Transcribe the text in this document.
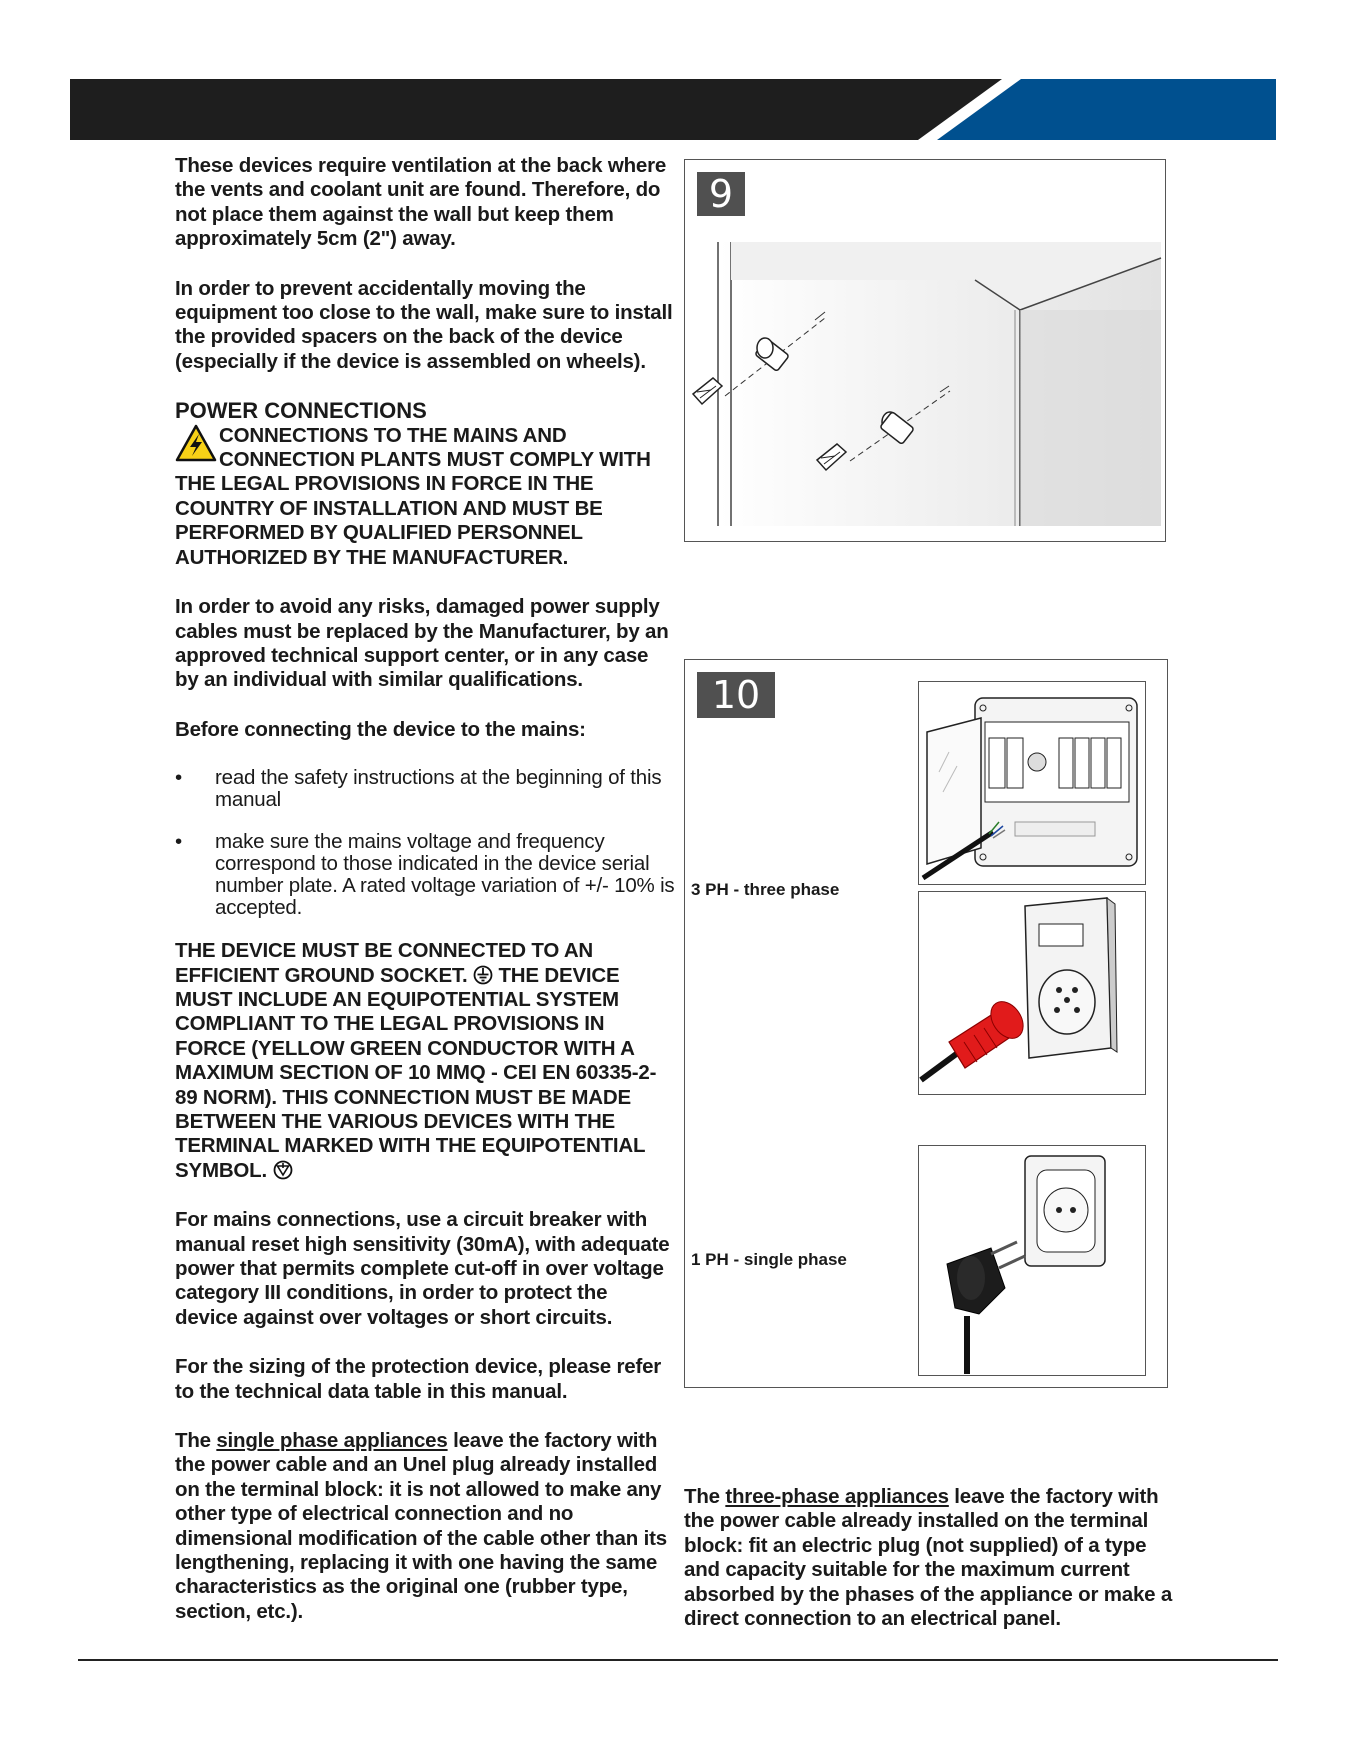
These devices require ventilation at the back where the vents and coolant unit are found. Therefore, do not place them against the wall but keep them approximately 5cm (2") away.

In order to prevent accidentally moving the equipment too close to the wall, make sure to install the provided spacers on the back of the device (especially if the device is assembled on wheels).

POWER CONNECTIONS
CONNECTIONS TO THE MAINS AND CONNECTION PLANTS MUST COMPLY WITH THE LEGAL PROVISIONS IN FORCE IN THE COUNTRY OF INSTALLATION AND MUST BE PERFORMED BY QUALIFIED PERSONNEL AUTHORIZED BY THE MANUFACTURER.

In order to avoid any risks, damaged power supply cables must be replaced by the Manufacturer, by an approved technical support center, or in any case by an individual with similar qualifications.

Before connecting the device to the mains:

• read the safety instructions at the beginning of this manual
• make sure the mains voltage and frequency correspond to those indicated in the device serial number plate. A rated voltage variation of +/- 10% is accepted.

THE DEVICE MUST BE CONNECTED TO AN EFFICIENT GROUND SOCKET. THE DEVICE MUST INCLUDE AN EQUIPOTENTIAL SYSTEM COMPLIANT TO THE LEGAL PROVISIONS IN FORCE (YELLOW GREEN CONDUCTOR WITH A MAXIMUM SECTION OF 10 MMQ - CEI EN 60335-2-89 NORM). THIS CONNECTION MUST BE MADE BETWEEN THE VARIOUS DEVICES WITH THE TERMINAL MARKED WITH THE EQUIPOTENTIAL SYMBOL.

For mains connections, use a circuit breaker with manual reset high sensitivity (30mA), with adequate power that permits complete cut-off in over voltage category III conditions, in order to protect the device against over voltages or short circuits.

For the sizing of the protection device, please refer to the technical data table in this manual.

The single phase appliances leave the factory with the power cable and an Unel plug already installed on the terminal block: it is not allowed to make any other type of electrical connection and no dimensional modification of the cable other than its lengthening, replacing it with one having the same characteristics as the original one (rubber type, section, etc.).

9
10
3 PH - three phase
1 PH - single phase
The three-phase appliances leave the factory with the power cable already installed on the terminal block: fit an electric plug (not supplied) of a type and capacity suitable for the maximum current absorbed by the phases of the appliance or make a direct connection to an electrical panel.
